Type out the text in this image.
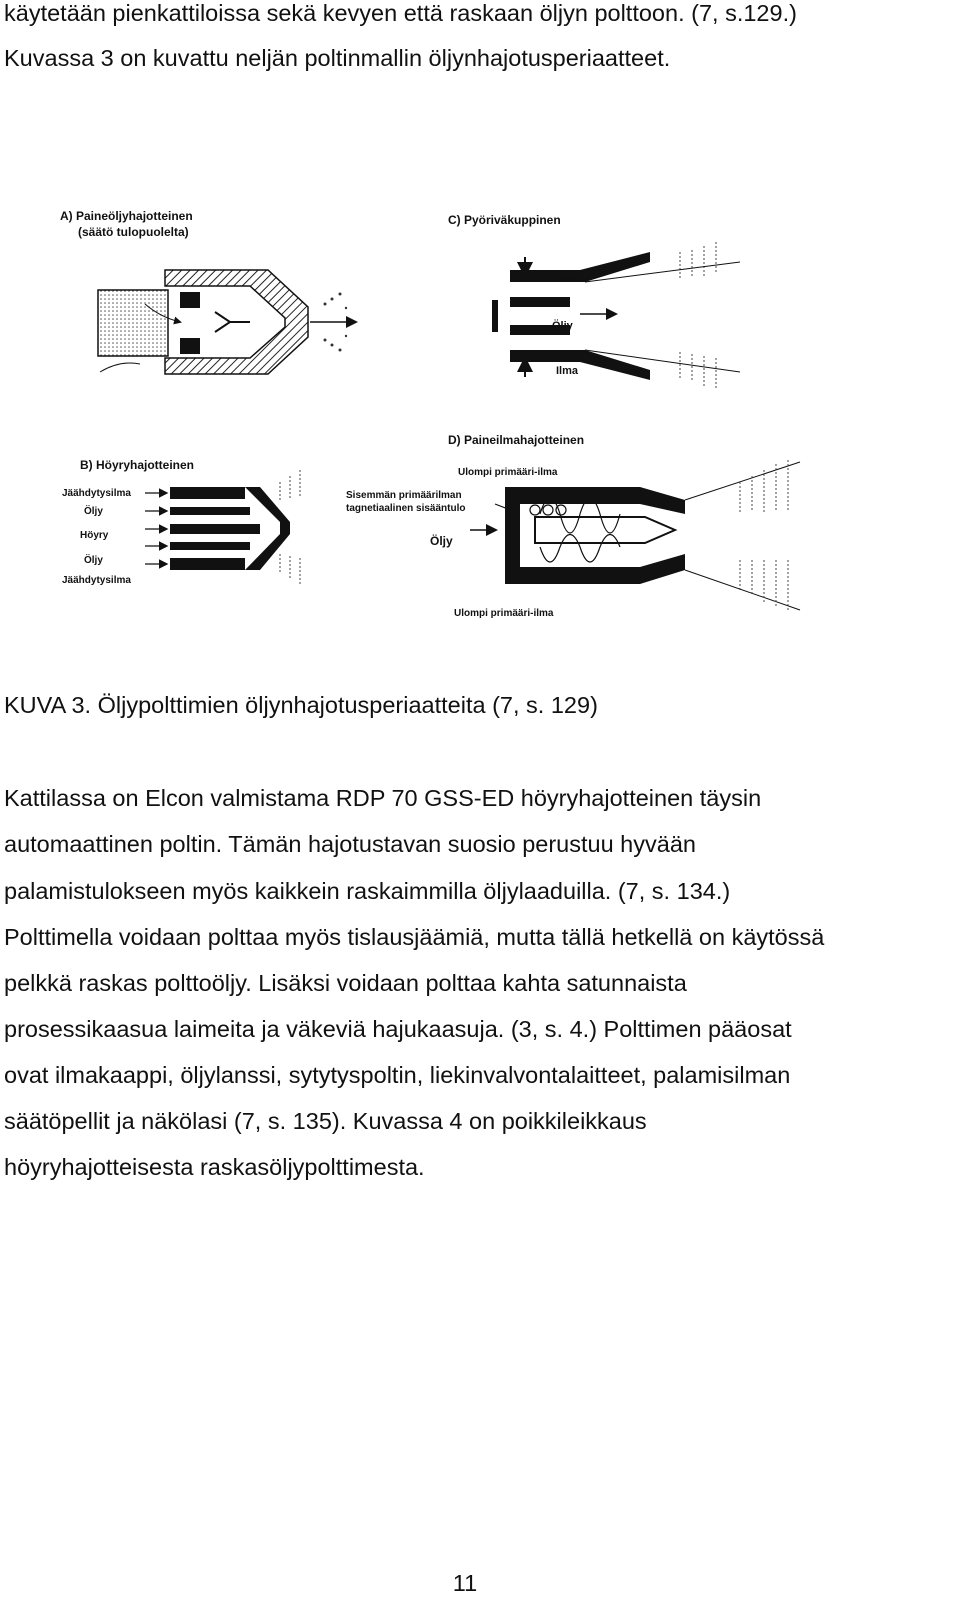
käytetään pienkattiloissa sekä kevyen että raskaan öljyn polttoon. (7, s.129.)
Kuvassa 3 on kuvattu neljän poltinmallin öljynhajotusperiaatteet.
A) Paineöljyhajotteinen
(säätö tulopuolelta)
C) Pyöriväkuppinen
Ilma
Öljy
Ilma
B) Höyryhajotteinen
Jäähdytysilma
Öljy
Höyry
Öljy
Jäähdytysilma
D) Paineilmahajotteinen
Ulompi primääri-ilma
Sisemmän primäärilman
tagnetiaalinen sisääntulo
Öljy
Ulompi primääri-ilma
KUVA 3. Öljypolttimien öljynhajotusperiaatteita (7, s. 129)
Kattilassa on Elcon valmistama RDP 70 GSS-ED höyryhajotteinen täysin
automaattinen poltin. Tämän hajotustavan suosio perustuu hyvään
palamistulokseen myös kaikkein raskaimmilla öljylaaduilla. (7, s. 134.)
Polttimella voidaan polttaa myös tislausjäämiä, mutta tällä hetkellä on käytössä
pelkkä raskas polttoöljy. Lisäksi voidaan polttaa kahta satunnaista
prosessikaasua laimeita ja väkeviä hajukaasuja. (3, s. 4.) Polttimen pääosat
ovat ilmakaappi, öljylanssi, sytytyspoltin, liekinvalvontalaitteet, palamisilman
säätöpellit ja näkölasi (7, s. 135). Kuvassa 4 on poikkileikkaus
höyryhajotteisesta raskasöljypolttimesta.
11
